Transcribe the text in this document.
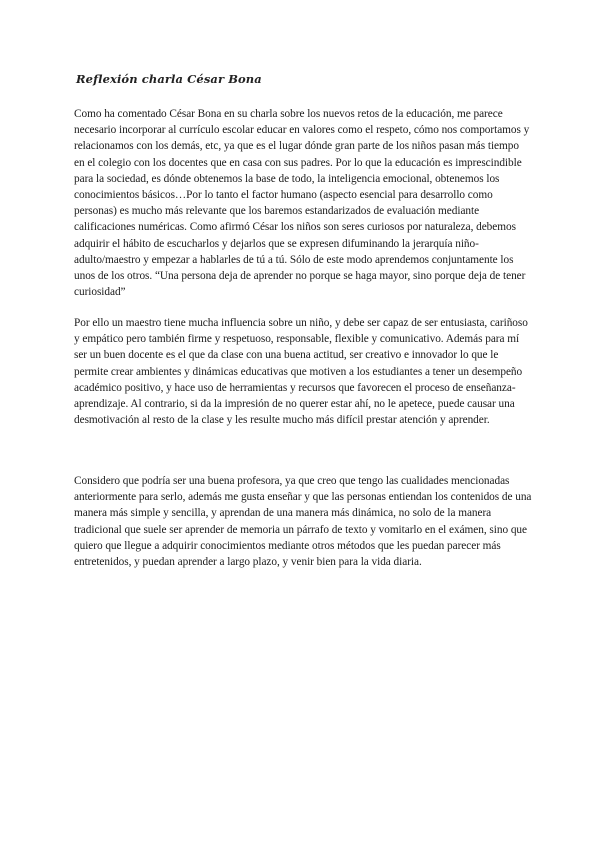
Reflexión charla César Bona

Como ha comentado César Bona en su charla sobre los nuevos retos de la educación, me parece necesario incorporar al currículo escolar educar en valores como el respeto, cómo nos comportamos y relacionamos con los demás, etc, ya que es el lugar dónde gran parte de los niños pasan más tiempo en el colegio con los docentes que en casa con sus padres. Por lo que la educación es imprescindible para la sociedad, es dónde obtenemos la base de todo, la inteligencia emocional, obtenemos los conocimientos básicos…Por lo tanto el factor humano (aspecto esencial para desarrollo como personas) es mucho más relevante que los baremos estandarizados de evaluación mediante calificaciones numéricas. Como afirmó César los niños son seres curiosos por naturaleza, debemos adquirir el hábito de escucharlos y dejarlos que se expresen difuminando la jerarquía niño- adulto/maestro y empezar a hablarles de tú a tú. Sólo de este modo aprendemos conjuntamente los unos de los otros. “Una persona deja de aprender no porque se haga mayor, sino porque deja de tener curiosidad”

Por ello un maestro tiene mucha influencia sobre un niño, y debe ser capaz de ser entusiasta, cariñoso y empático pero también firme y respetuoso, responsable, flexible y comunicativo. Además para mí ser un buen docente es el que da clase con una buena actitud, ser creativo e innovador lo que le permite crear ambientes y dinámicas educativas que motiven a los estudiantes a tener un desempeño académico positivo, y hace uso de herramientas y recursos que favorecen el proceso de enseñanza-aprendizaje. Al contrario, si da la impresión de no querer estar ahí, no le apetece, puede causar una desmotivación al resto de la clase y les resulte mucho más difícil prestar atención y aprender.

Considero que podría ser una buena profesora, ya que creo que tengo las cualidades mencionadas anteriormente para serlo, además me gusta enseñar y que las personas entiendan los contenidos de una manera más simple y sencilla, y aprendan de una manera más dinámica, no solo de la manera tradicional que suele ser aprender de memoria un párrafo de texto y vomitarlo en el exámen, sino que quiero que llegue a adquirir conocimientos mediante otros métodos que les puedan parecer más entretenidos, y puedan aprender a largo plazo, y venir bien para la vida diaria.
